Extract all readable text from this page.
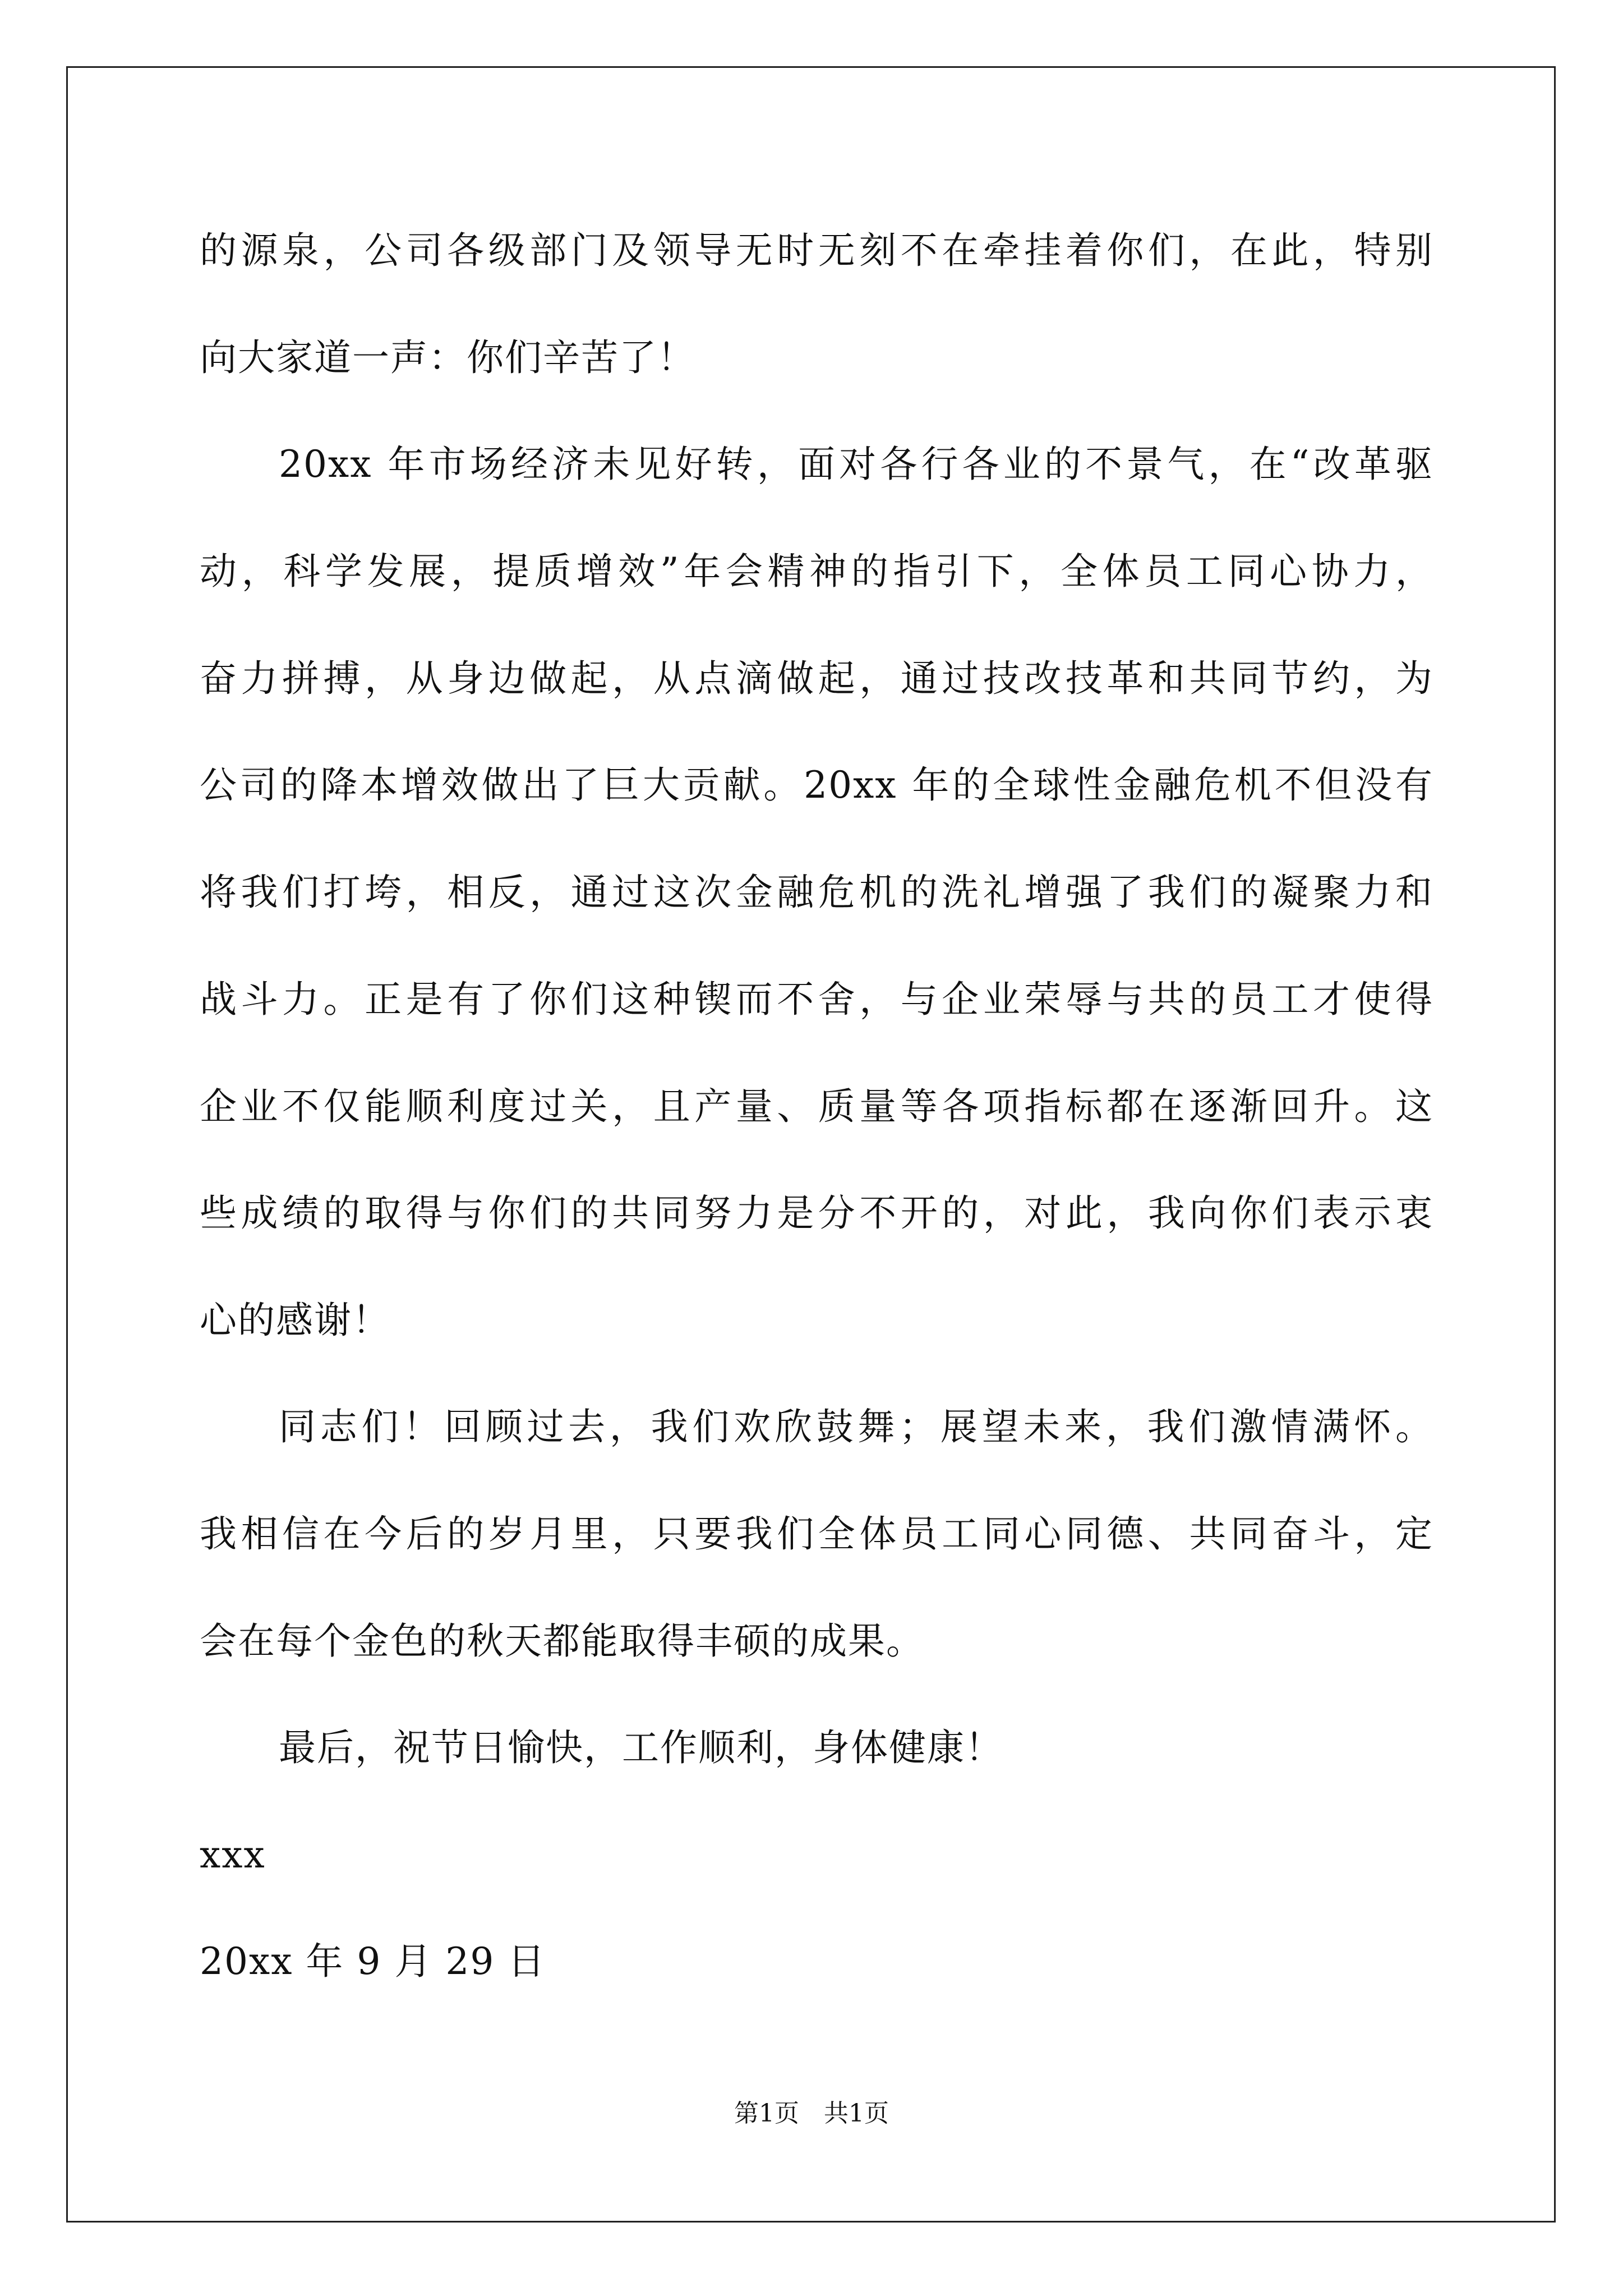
的源泉，公司各级部门及领导无时无刻不在牵挂着你们，在此，特别
向大家道一声：你们辛苦了！
20xx 年市场经济未见好转，面对各行各业的不景气，在“改革驱
动，科学发展，提质增效”年会精神的指引下，全体员工同心协力，
奋力拼搏，从身边做起，从点滴做起，通过技改技革和共同节约，为
公司的降本增效做出了巨大贡献。20xx 年的全球性金融危机不但没有
将我们打垮，相反，通过这次金融危机的洗礼增强了我们的凝聚力和
战斗力。正是有了你们这种锲而不舍，与企业荣辱与共的员工才使得
企业不仅能顺利度过关，且产量、质量等各项指标都在逐渐回升。这
些成绩的取得与你们的共同努力是分不开的，对此，我向你们表示衷
心的感谢！
同志们！回顾过去，我们欢欣鼓舞；展望未来，我们激情满怀。
我相信在今后的岁月里，只要我们全体员工同心同德、共同奋斗，定
会在每个金色的秋天都能取得丰硕的成果。
最后，祝节日愉快，工作顺利，身体健康！
xxx
20xx 年 9 月 29 日
第1页 共1页
